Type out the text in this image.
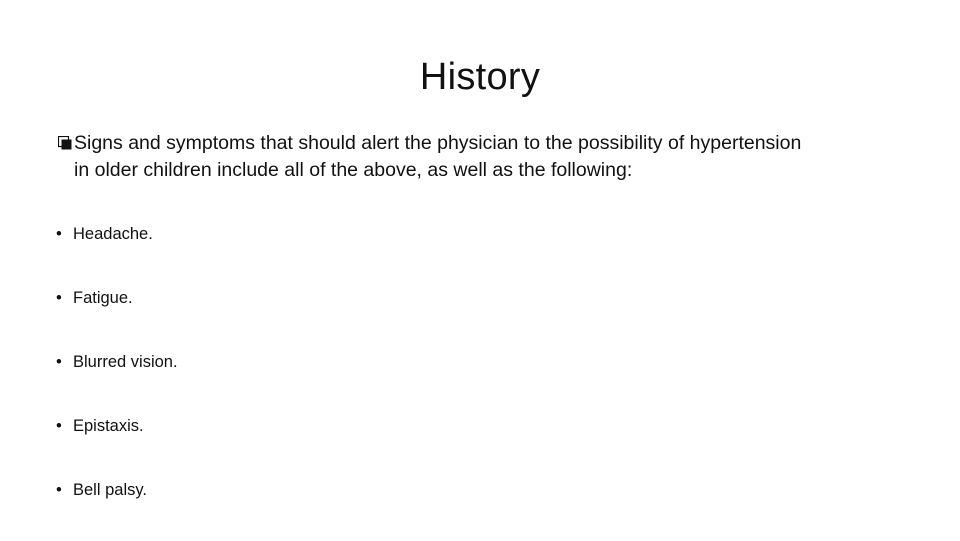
History
Signs and symptoms that should alert the physician to the possibility of hypertension
in older children include all of the above, as well as the following:
• Headache.
• Fatigue.
• Blurred vision.
• Epistaxis.
• Bell palsy.
